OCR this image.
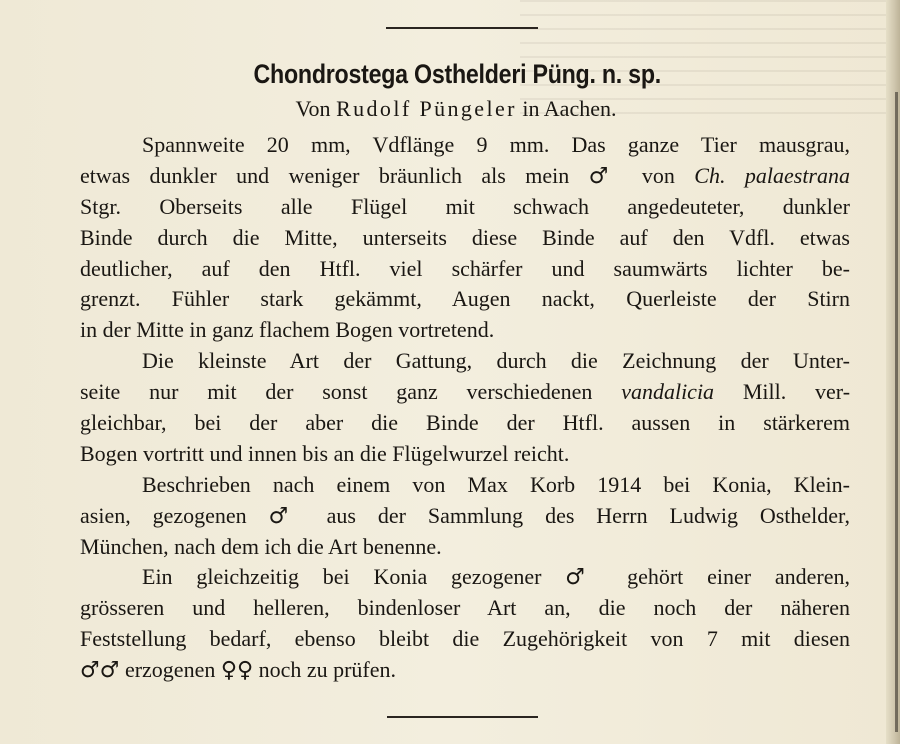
Chondrostega Osthelderi Püng. n. sp.
Von Rudolf Püngeler in Aachen.
Spannweite 20 mm, Vdflänge 9 mm. Das ganze Tier mausgrau,
etwas dunkler und weniger bräunlich als mein ♂ von Ch. palaestrana
Stgr. Oberseits alle Flügel mit schwach angedeuteter, dunkler
Binde durch die Mitte, unterseits diese Binde auf den Vdfl. etwas
deutlicher, auf den Htfl. viel schärfer und saumwärts lichter be-
grenzt. Fühler stark gekämmt, Augen nackt, Querleiste der Stirn
in der Mitte in ganz flachem Bogen vortretend.
Die kleinste Art der Gattung, durch die Zeichnung der Unter-
seite nur mit der sonst ganz verschiedenen vandalicia Mill. ver-
gleichbar, bei der aber die Binde der Htfl. aussen in stärkerem
Bogen vortritt und innen bis an die Flügelwurzel reicht.
Beschrieben nach einem von Max Korb 1914 bei Konia, Klein-
asien, gezogenen ♂ aus der Sammlung des Herrn Ludwig Osthelder,
München, nach dem ich die Art benenne.
Ein gleichzeitig bei Konia gezogener ♂ gehört einer anderen,
grösseren und helleren, bindenloser Art an, die noch der näheren
Feststellung bedarf, ebenso bleibt die Zugehörigkeit von 7 mit diesen
♂♂ erzogenen ♀♀ noch zu prüfen.
